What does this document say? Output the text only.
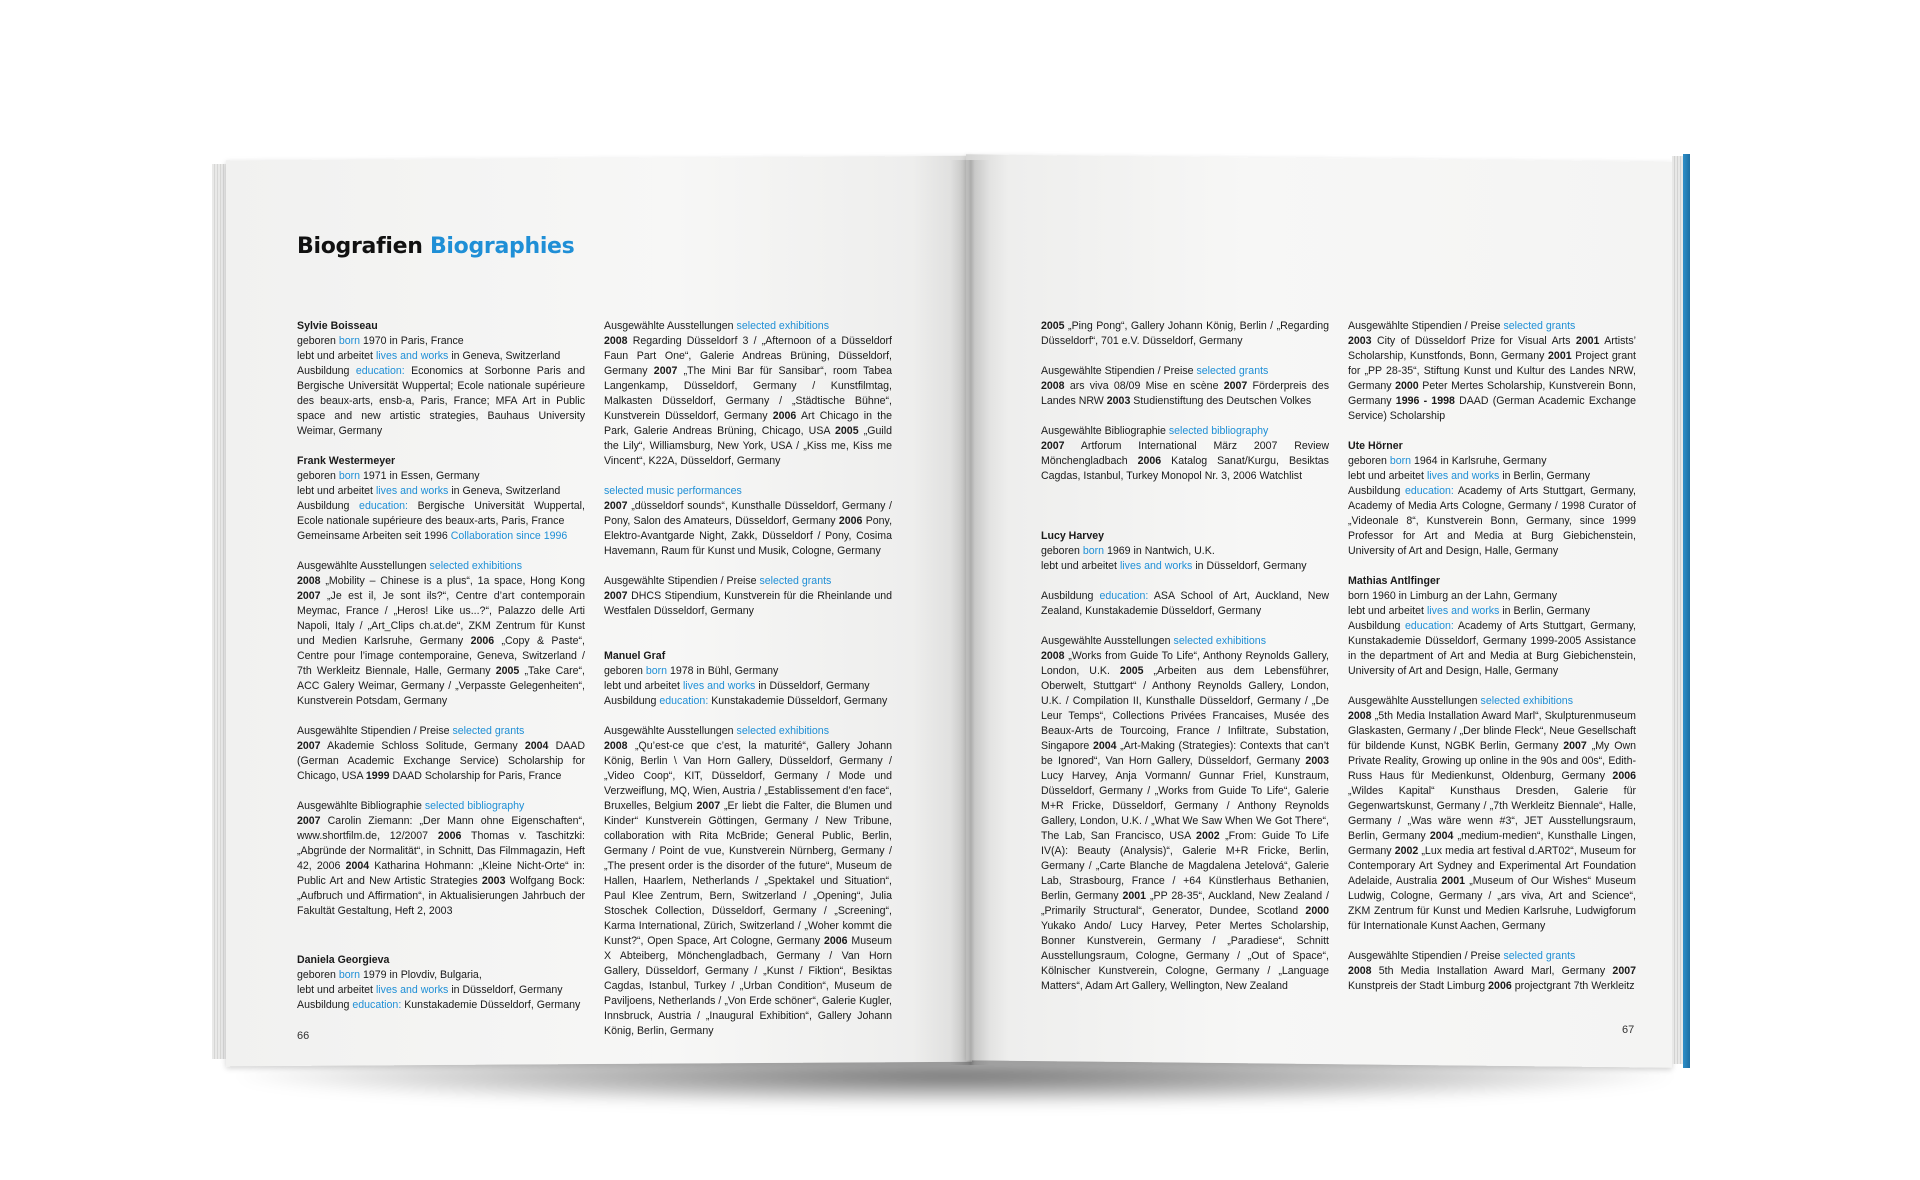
Biografien Biographies

Sylvie Boisseau

geboren born 1970 in Paris, France

lebt und arbeitet lives and works in Geneva, Switzerland

Ausbildung education: Economics at Sorbonne Paris and Bergische Universität Wuppertal; Ecole nationale supérieure des beaux-arts, ensb-a, Paris, France; MFA Art in Public space and new artistic strategies, Bauhaus University Weimar, Germany

Frank Westermeyer

geboren born 1971 in Essen, Germany

lebt und arbeitet lives and works in Geneva, Switzerland

Ausbildung education: Bergische Universität Wuppertal, Ecole nationale supérieure des beaux-arts, Paris, France

Gemeinsame Arbeiten seit 1996 Collaboration since 1996

Ausgewählte Ausstellungen selected exhibitions

2008 „Mobility – Chinese is a plus“, 1a space, Hong Kong 2007 „Je est il, Je sont ils?“, Centre d’art contemporain Meymac, France / „Heros! Like us...?“, Palazzo delle Arti Napoli, Italy / „Art_Clips ch.at.de“, ZKM Zentrum für Kunst und Medien Karlsruhe, Germany 2006 „Copy & Paste“, Centre pour l’image contemporaine, Geneva, Switzerland / 7th Werkleitz Biennale, Halle, Germany 2005 „Take Care“, ACC Galery Weimar, Germany / „Verpasste Gelegenheiten“, Kunstverein Potsdam, Germany

Ausgewählte Stipendien / Preise selected grants

2007 Akademie Schloss Solitude, Germany 2004 DAAD (German Academic Exchange Service) Scholarship for Chicago, USA 1999 DAAD Scholarship for Paris, France

Ausgewählte Bibliographie selected bibliography

2007 Carolin Ziemann: „Der Mann ohne Eigenschaften“, www.shortfilm.de, 12/2007 2006 Thomas v. Taschitzki: „Abgründe der Normalität“, in Schnitt, Das Filmmagazin, Heft 42, 2006 2004 Katharina Hohmann: „Kleine Nicht-Orte“ in: Public Art and New Artistic Strategies 2003 Wolfgang Bock: „Aufbruch und Affirmation“, in Aktualisierungen Jahrbuch der Fakultät Gestaltung, Heft 2, 2003

Daniela Georgieva

geboren born 1979 in Plovdiv, Bulgaria,

lebt und arbeitet lives and works in Düsseldorf, Germany

Ausbildung education: Kunstakademie Düsseldorf, Germany

Ausgewählte Ausstellungen selected exhibitions

2008 Regarding Düsseldorf 3 / „Afternoon of a Düsseldorf Faun Part One“, Galerie Andreas Brüning, Düsseldorf, Germany 2007 „The Mini Bar für Sansibar“, room Tabea Langenkamp, Düsseldorf, Germany / Kunstfilmtag, Malkasten Düsseldorf, Germany / „Städtische Bühne“, Kunstverein Düsseldorf, Germany 2006 Art Chicago in the Park, Galerie Andreas Brüning, Chicago, USA 2005 „Guild the Lily“, Williamsburg, New York, USA / „Kiss me, Kiss me Vincent“, K22A, Düsseldorf, Germany

selected music performances

2007 „düsseldorf sounds“, Kunsthalle Düsseldorf, Germany / Pony, Salon des Amateurs, Düsseldorf, Germany 2006 Pony, Elektro-Avantgarde Night, Zakk, Düsseldorf / Pony, Cosima Havemann, Raum für Kunst und Musik, Cologne, Germany

Ausgewählte Stipendien / Preise selected grants

2007 DHCS Stipendium, Kunstverein für die Rheinlande und Westfalen Düsseldorf, Germany

Manuel Graf

geboren born 1978 in Bühl, Germany

lebt und arbeitet lives and works in Düsseldorf, Germany

Ausbildung education: Kunstakademie Düsseldorf, Germany

Ausgewählte Ausstellungen selected exhibitions

2008 „Qu’est-ce que c’est, la maturité“, Gallery Johann König, Berlin \ Van Horn Gallery, Düsseldorf, Germany / „Video Coop“, KIT, Düsseldorf, Germany / Mode und Verzweiflung, MQ, Wien, Austria / „Establissement d’en face“, Bruxelles, Belgium 2007 „Er liebt die Falter, die Blumen und Kinder“ Kunstverein Göttingen, Germany / New Tribune, collaboration with Rita McBride; General Public, Berlin, Germany / Point de vue, Kunstverein Nürnberg, Germany / „The present order is the disorder of the future“, Museum de Hallen, Haarlem, Netherlands / „Spektakel und Situation“, Paul Klee Zentrum, Bern, Switzerland / „Opening“, Julia Stoschek Collection, Düsseldorf, Germany / „Screening“, Karma International, Zürich, Switzerland / „Woher kommt die Kunst?“, Open Space, Art Cologne, Germany 2006 Museum X Abteiberg, Mönchengladbach, Germany / Van Horn Gallery, Düsseldorf, Germany / „Kunst / Fiktion“, Besiktas Cagdas, Istanbul, Turkey / „Urban Condition“, Museum de Paviljoens, Netherlands / „Von Erde schöner“, Galerie Kugler, Innsbruck, Austria / „Inaugural Exhibition“, Gallery Johann König, Berlin, Germany

2005 „Ping Pong“, Gallery Johann König, Berlin / „Regarding Düsseldorf“, 701 e.V. Düsseldorf, Germany

Ausgewählte Stipendien / Preise selected grants

2008 ars viva 08/09 Mise en scène 2007 Förderpreis des Landes NRW 2003 Studienstiftung des Deutschen Volkes

Ausgewählte Bibliographie selected bibliography

2007 Artforum International März 2007 Review Mönchengladbach 2006 Katalog Sanat/Kurgu, Besiktas Cagdas, Istanbul, Turkey Monopol Nr. 3, 2006 Watchlist

Lucy Harvey

geboren born 1969 in Nantwich, U.K.

lebt und arbeitet lives and works in Düsseldorf, Germany

Ausbildung education: ASA School of Art, Auckland, New Zealand, Kunstakademie Düsseldorf, Germany

Ausgewählte Ausstellungen selected exhibitions

2008 „Works from Guide To Life“, Anthony Reynolds Gallery, London, U.K. 2005 „Arbeiten aus dem Lebensführer, Oberwelt, Stuttgart“ / Anthony Reynolds Gallery, London, U.K. / Compilation II, Kunsthalle Düsseldorf, Germany / „De Leur Temps“, Collections Privées Francaises, Musée des Beaux-Arts de Tourcoing, France / Infiltrate, Substation, Singapore 2004 „Art-Making (Strategies): Contexts that can’t be Ignored“, Van Horn Gallery, Düsseldorf, Germany 2003 Lucy Harvey, Anja Vormann/ Gunnar Friel, Kunstraum, Düsseldorf, Germany / „Works from Guide To Life“, Galerie M+R Fricke, Düsseldorf, Germany / Anthony Reynolds Gallery, London, U.K. / „What We Saw When We Got There“, The Lab, San Francisco, USA 2002 „From: Guide To Life IV(A): Beauty (Analysis)“, Galerie M+R Fricke, Berlin, Germany / „Carte Blanche de Magdalena Jetelová“, Galerie Lab, Strasbourg, France / +64 Künstlerhaus Bethanien, Berlin, Germany 2001 „PP 28-35“, Auckland, New Zealand / „Primarily Structural“, Generator, Dundee, Scotland 2000 Yukako Ando/ Lucy Harvey, Peter Mertes Scholarship, Bonner Kunstverein, Germany / „Paradiese“, Schnitt Ausstellungsraum, Cologne, Germany / „Out of Space“, Kölnischer Kunstverein, Cologne, Germany / „Language Matters“, Adam Art Gallery, Wellington, New Zealand

Ausgewählte Stipendien / Preise selected grants

2003 City of Düsseldorf Prize for Visual Arts 2001 Artists’ Scholarship, Kunstfonds, Bonn, Germany 2001 Project grant for „PP 28-35“, Stiftung Kunst und Kultur des Landes NRW, Germany 2000 Peter Mertes Scholarship, Kunstverein Bonn, Germany 1996 - 1998 DAAD (German Academic Exchange Service) Scholarship

Ute Hörner

geboren born 1964 in Karlsruhe, Germany

lebt und arbeitet lives and works in Berlin, Germany

Ausbildung education: Academy of Arts Stuttgart, Germany, Academy of Media Arts Cologne, Germany / 1998 Curator of „Videonale 8“, Kunstverein Bonn, Germany, since 1999 Professor for Art and Media at Burg Giebichenstein, University of Art and Design, Halle, Germany

Mathias Antlfinger

born 1960 in Limburg an der Lahn, Germany

lebt und arbeitet lives and works in Berlin, Germany

Ausbildung education: Academy of Arts Stuttgart, Germany, Kunstakademie Düsseldorf, Germany 1999-2005 Assistance in the department of Art and Media at Burg Giebichenstein, University of Art and Design, Halle, Germany

Ausgewählte Ausstellungen selected exhibitions

2008 „5th Media Installation Award Marl“, Skulpturenmuseum Glaskasten, Germany / „Der blinde Fleck“, Neue Gesellschaft für bildende Kunst, NGBK Berlin, Germany 2007 „My Own Private Reality, Growing up online in the 90s and 00s“, Edith-Russ Haus für Medienkunst, Oldenburg, Germany 2006 „Wildes Kapital“ Kunsthaus Dresden, Galerie für Gegenwartskunst, Germany / „7th Werkleitz Biennale“, Halle, Germany / „Was wäre wenn #3“, JET Ausstellungsraum, Berlin, Germany 2004 „medium-medien“, Kunsthalle Lingen, Germany 2002 „Lux media art festival d.ART02“, Museum for Contemporary Art Sydney and Experimental Art Foundation Adelaide, Australia 2001 „Museum of Our Wishes“ Museum Ludwig, Cologne, Germany / „ars viva, Art and Science“, ZKM Zentrum für Kunst und Medien Karlsruhe, Ludwigforum für Internationale Kunst Aachen, Germany

Ausgewählte Stipendien / Preise selected grants

2008 5th Media Installation Award Marl, Germany 2007 Kunstpreis der Stadt Limburg 2006 projectgrant 7th Werkleitz

66	67
